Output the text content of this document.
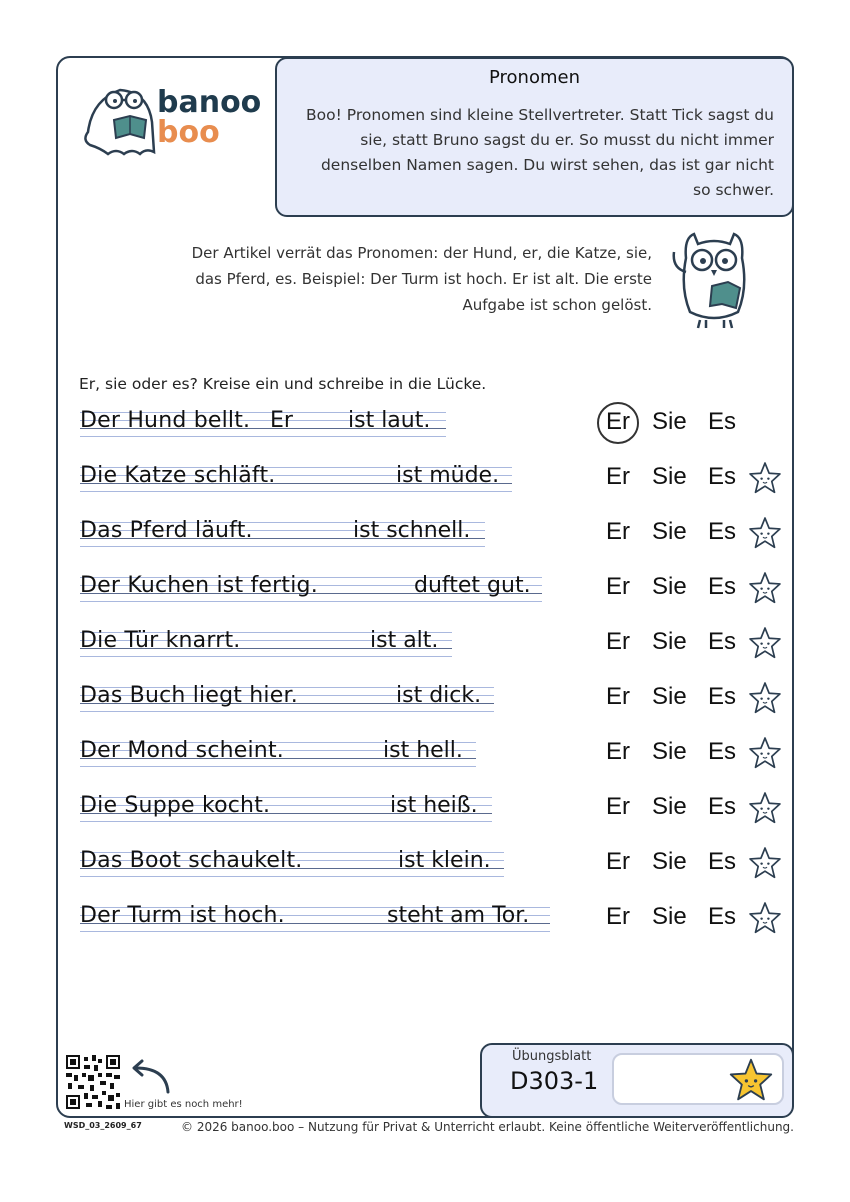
banoo
boo
Pronomen
Boo! Pronomen sind kleine Stellvertreter. Statt Tick sagst du sie, statt Bruno sagst du er. So musst du nicht immer denselben Namen sagen. Du wirst sehen, das ist gar nicht so schwer.
Der Artikel verrät das Pronomen: der Hund, er, die Katze, sie, das Pferd, es. Beispiel: Der Turm ist hoch. Er ist alt. Die erste Aufgabe ist schon gelöst.
Er, sie oder es? Kreise ein und schreibe in die Lücke.
Der Hund bellt. Er	ist laut.	Er Sie Es
Die Katze schläft.	ist müde.	Er Sie Es
Das Pferd läuft.	ist schnell.	Er Sie Es
Der Kuchen ist fertig.	duftet gut.	Er Sie Es
Die Tür knarrt.	ist alt.	Er Sie Es
Das Buch liegt hier.	ist dick.	Er Sie Es
Der Mond scheint.	ist hell.	Er Sie Es
Die Suppe kocht.	ist heiß.	Er Sie Es
Das Boot schaukelt.	ist klein.	Er Sie Es
Der Turm ist hoch.	steht am Tor.	Er Sie Es
Übungsblatt
D303-1
Hier gibt es noch mehr!
WSD_03_2609_67	© 2026 banoo.boo – Nutzung für Privat & Unterricht erlaubt. Keine öffentliche Weiterveröffentlichung.
